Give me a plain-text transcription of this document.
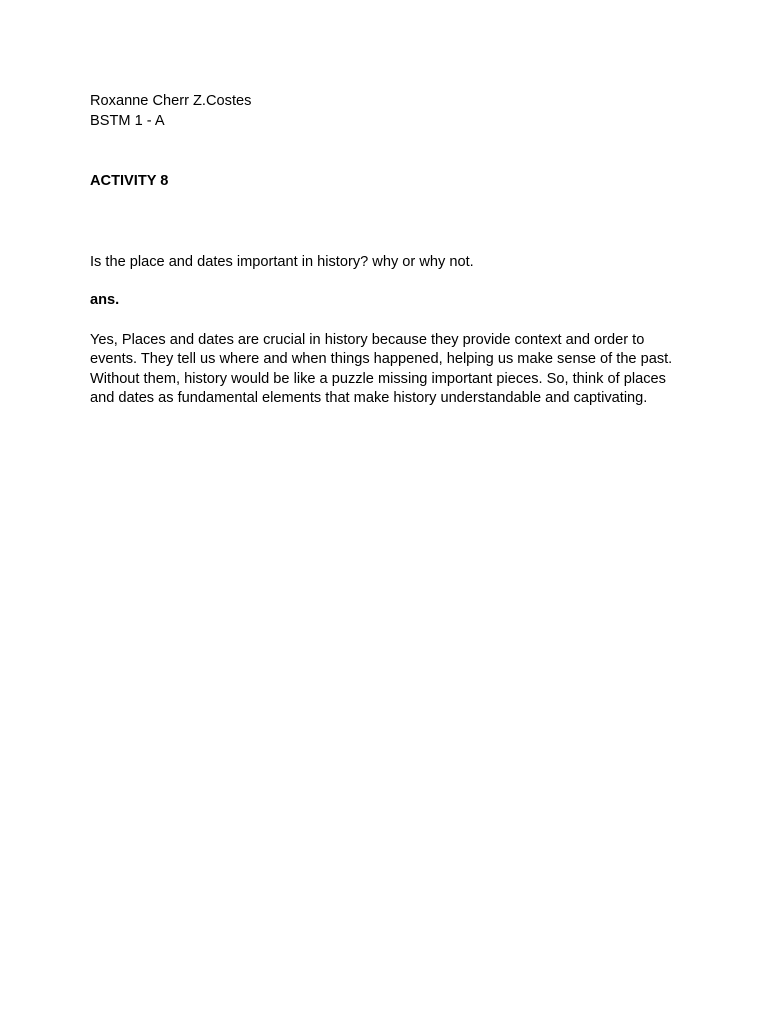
Roxanne Cherr Z.Costes

BSTM 1 - A

ACTIVITY 8

Is the place and dates important in history? why or why not.

ans.

Yes, Places and dates are crucial in history because they provide context and order to
events. They tell us where and when things happened, helping us make sense of the past.
Without them, history would be like a puzzle missing important pieces. So, think of places
and dates as fundamental elements that make history understandable and captivating.
